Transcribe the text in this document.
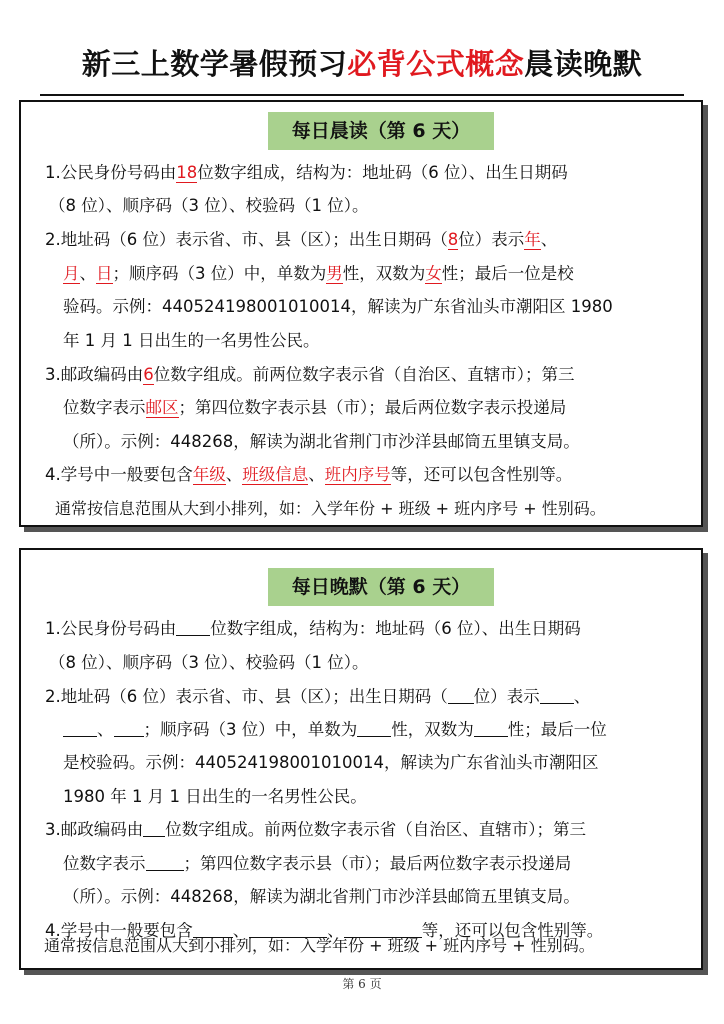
新三上数学暑假预习必背公式概念晨读晚默
每日晨读（第 6 天）

1.公民身份号码由18位数字组成，结构为：地址码（6 位）、出生日期码

（8 位）、顺序码（3 位）、校验码（1 位）。

2.地址码（6 位）表示省、市、县（区）；出生日期码（8位）表示年、

月、日；顺序码（3 位）中，单数为男性，双数为女性；最后一位是校

验码。示例：440524198001010014，解读为广东省汕头市潮阳区 1980

年 1 月 1 日出生的一名男性公民。

3.邮政编码由6位数字组成。前两位数字表示省（自治区、直辖市）；第三

位数字表示邮区；第四位数字表示县（市）；最后两位数字表示投递局

（所）。示例：448268，解读为湖北省荆门市沙洋县邮筒五里镇支局。

4.学号中一般要包含年级、班级信息、班内序号等，还可以包含性别等。

通常按信息范围从大到小排列，如：入学年份 + 班级 + 班内序号 + 性别码。

每日晚默（第 6 天）

1.公民身份号码由 位数字组成，结构为：地址码（6 位）、出生日期码

（8 位）、顺序码（3 位）、校验码（1 位）。

2.地址码（6 位）表示省、市、县（区）；出生日期码（ 位）表示 、

、 ；顺序码（3 位）中，单数为 性，双数为 性；最后一位

是校验码。示例：440524198001010014，解读为广东省汕头市潮阳区

1980 年 1 月 1 日出生的一名男性公民。

3.邮政编码由 位数字组成。前两位数字表示省（自治区、直辖市）；第三

位数字表示 ；第四位数字表示县（市）；最后两位数字表示投递局

（所）。示例：448268，解读为湖北省荆门市沙洋县邮筒五里镇支局。

4.学号中一般要包含 、	、	等，还可以包含性别等。

通常按信息范围从大到小排列，如：入学年份 + 班级 + 班内序号 + 性别码。

第 6 页
